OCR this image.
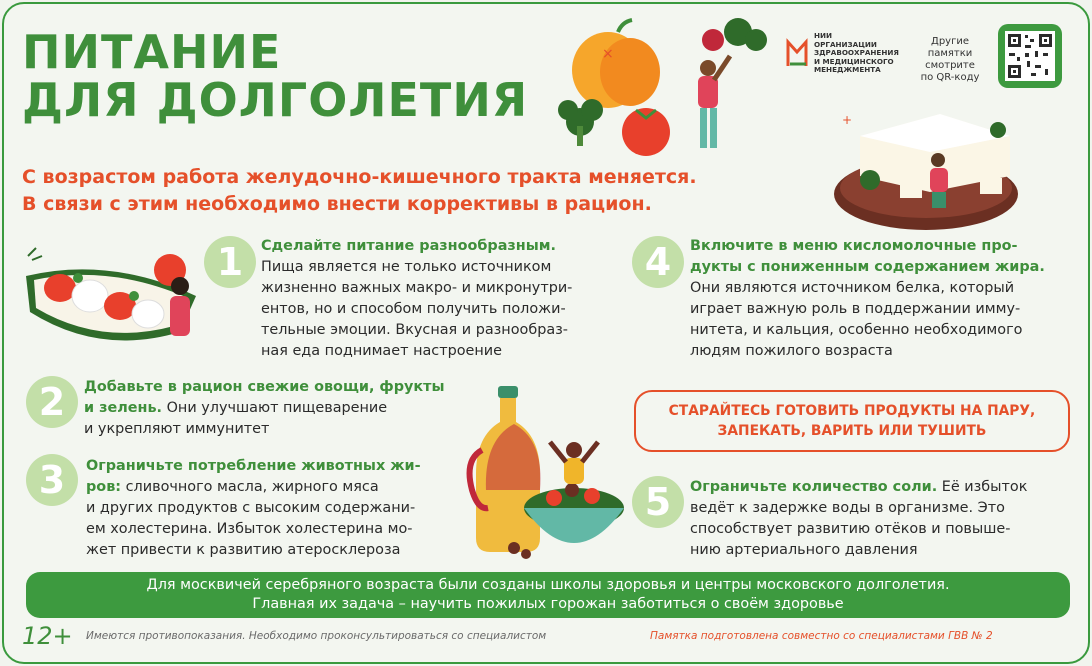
ПИТАНИЕ
ДЛЯ ДОЛГОЛЕТИЯ
×
НИИ
ОРГАНИЗАЦИИ
ЗДРАВООХРАНЕНИЯ
И МЕДИЦИНСКОГО
МЕНЕДЖМЕНТА
Другие
памятки
смотрите
по QR-коду
+
С возрастом работа желудочно-кишечного тракта меняется.
В связи с этим необходимо внести коррективы в рацион.
1	Сделайте питание разнообразным.
Пища является не только источником
жизненно важных макро- и микронутри-
ентов, но и способом получить положи-
тельные эмоции. Вкусная и разнообраз-
ная еда поднимает настроение
4	Включите в меню кисломолочные про-
дукты с пониженным содержанием жира.
Они являются источником белка, который
играет важную роль в поддержании имму-
нитета, и кальция, особенно необходимого
людям пожилого возраста
2	Добавьте в рацион свежие овощи, фрукты
и зелень. Они улучшают пищеварение
и укрепляют иммунитет
3	Ограничьте потребление животных жи-
ров: сливочного масла, жирного мяса
и других продуктов с высоким содержани-
ем холестерина. Избыток холестерина мо-
жет привести к развитию атеросклероза
СТАРАЙТЕСЬ ГОТОВИТЬ ПРОДУКТЫ НА ПАРУ,
ЗАПЕКАТЬ, ВАРИТЬ ИЛИ ТУШИТЬ
5	Ограничьте количество соли. Её избыток
ведёт к задержке воды в организме. Это
способствует развитию отёков и повыше-
нию артериального давления
Для москвичей серебряного возраста были созданы школы здоровья и центры московского долголетия.
Главная их задача – научить пожилых горожан заботиться о своём здоровье
12+ Имеются противопоказания. Необходимо проконсультироваться со специалистом	Памятка подготовлена совместно со специалистами ГВВ № 2
